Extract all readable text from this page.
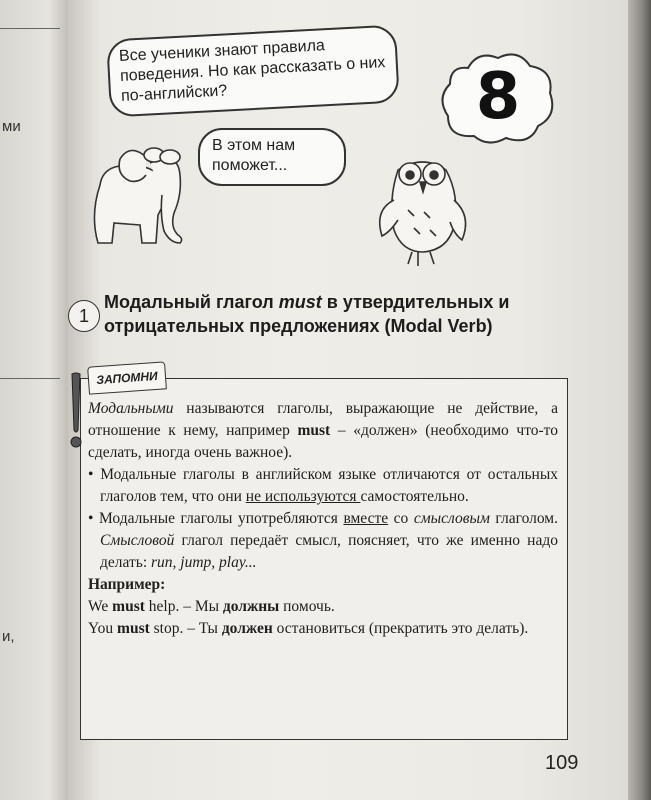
ми
и,
Все ученики знают правила поведения. Но как рассказать о них по-английски?
В этом нам поможет...
8
1
Модальный глагол must в утвердительных и отрицательных предложениях (Modal Verb)
ЗАПОМНИ

Модальными называются глаголы, выражающие не действие, а отношение к нему, например must – «должен» (необходимо что-то сделать, иногда очень важное).

• Модальные глаголы в английском языке отличаются от остальных глаголов тем, что они не используются самостоятельно.

• Модальные глаголы употребляются вместе со смысловым глаголом. Смысловой глагол передаёт смысл, поясняет, что же именно надо делать: run, jump, play...

Например:

We must help. – Мы должны помочь.

You must stop. – Ты должен остановиться (прекратить это делать).

109
